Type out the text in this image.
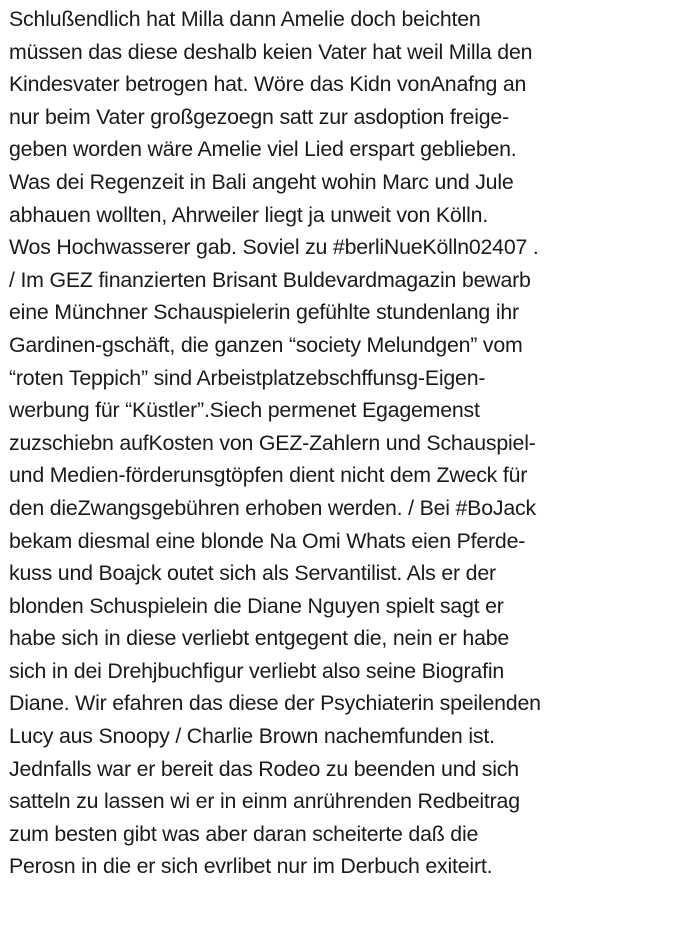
Schlußendlich hat Milla dann Amelie doch beichten
müssen das diese deshalb keien Vater hat weil Milla den
Kindesvater betrogen hat. Wöre das Kidn vonAnafng an
nur beim Vater großgezoegn satt zur asdoption freige-
geben worden wäre Amelie viel Lied erspart geblieben.
Was dei Regenzeit in Bali angeht wohin Marc und Jule
abhauen wollten, Ahrweiler liegt ja unweit von Kölln.
Wos Hochwasserer gab. Soviel zu #berliNueKölln02407 .
/ Im GEZ finanzierten Brisant Buldevardmagazin bewarb
eine Münchner Schauspielerin gefühlte stundenlang ihr
Gardinen-gschäft, die ganzen “society Melundgen” vom
“roten Teppich” sind Arbeistplatzebschffunsg-Eigen-
werbung für “Küstler”.Siech permenet Egagemenst
zuzschiebn aufKosten von GEZ-Zahlern und Schauspiel-
und Medien-förderunsgtöpfen dient nicht dem Zweck für
den dieZwangsgebühren erhoben werden. / Bei #BoJack
bekam diesmal eine blonde Na Omi Whats eien Pferde-
kuss und Boajck outet sich als Servantilist. Als er der
blonden Schuspielein die Diane Nguyen spielt sagt er
habe sich in diese verliebt entgegent die, nein er habe
sich in dei Drehjbuchfigur verliebt also seine Biografin
Diane. Wir efahren das diese der Psychiaterin speilenden
Lucy aus Snoopy / Charlie Brown nachemfunden ist.
Jednfalls war er bereit das Rodeo zu beenden und sich
satteln zu lassen wi er in einm anrührenden Redbeitrag
zum besten gibt was aber daran scheiterte daß die
Perosn in die er sich evrlibet nur im Derbuch exiteirt.
